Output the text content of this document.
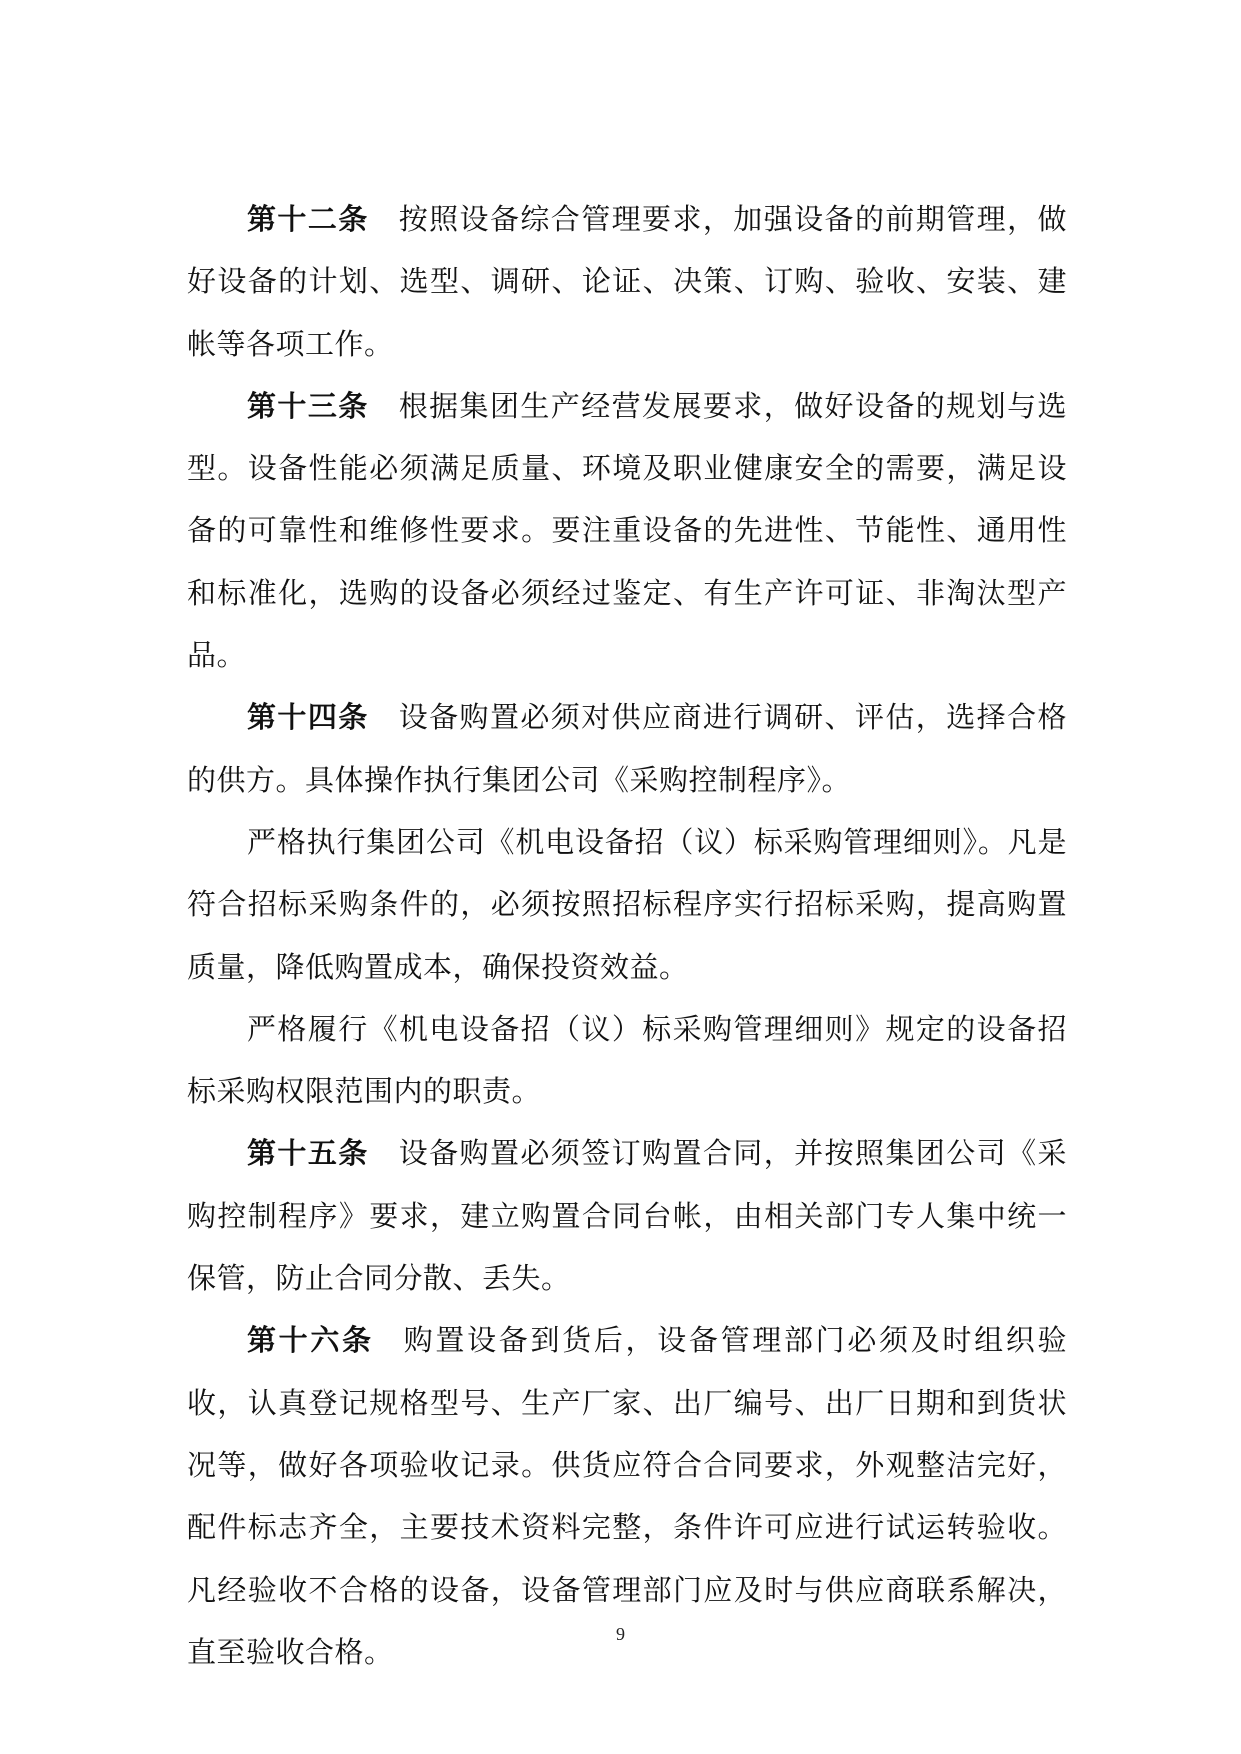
第十二条 按照设备综合管理要求，加强设备的前期管理，做好设备的计划、选型、调研、论证、决策、订购、验收、安装、建帐等各项工作。

第十三条 根据集团生产经营发展要求，做好设备的规划与选型。设备性能必须满足质量、环境及职业健康安全的需要，满足设备的可靠性和维修性要求。要注重设备的先进性、节能性、通用性和标准化，选购的设备必须经过鉴定、有生产许可证、非淘汰型产品。

第十四条 设备购置必须对供应商进行调研、评估，选择合格的供方。具体操作执行集团公司《采购控制程序》。

严格执行集团公司《机电设备招（议）标采购管理细则》。凡是符合招标采购条件的，必须按照招标程序实行招标采购，提高购置质量，降低购置成本，确保投资效益。

严格履行《机电设备招（议）标采购管理细则》规定的设备招标采购权限范围内的职责。

第十五条 设备购置必须签订购置合同，并按照集团公司《采购控制程序》要求，建立购置合同台帐，由相关部门专人集中统一保管，防止合同分散、丢失。

第十六条 购置设备到货后，设备管理部门必须及时组织验收，认真登记规格型号、生产厂家、出厂编号、出厂日期和到货状况等，做好各项验收记录。供货应符合合同要求，外观整洁完好，配件标志齐全，主要技术资料完整，条件许可应进行试运转验收。凡经验收不合格的设备，设备管理部门应及时与供应商联系解决，直至验收合格。

9
